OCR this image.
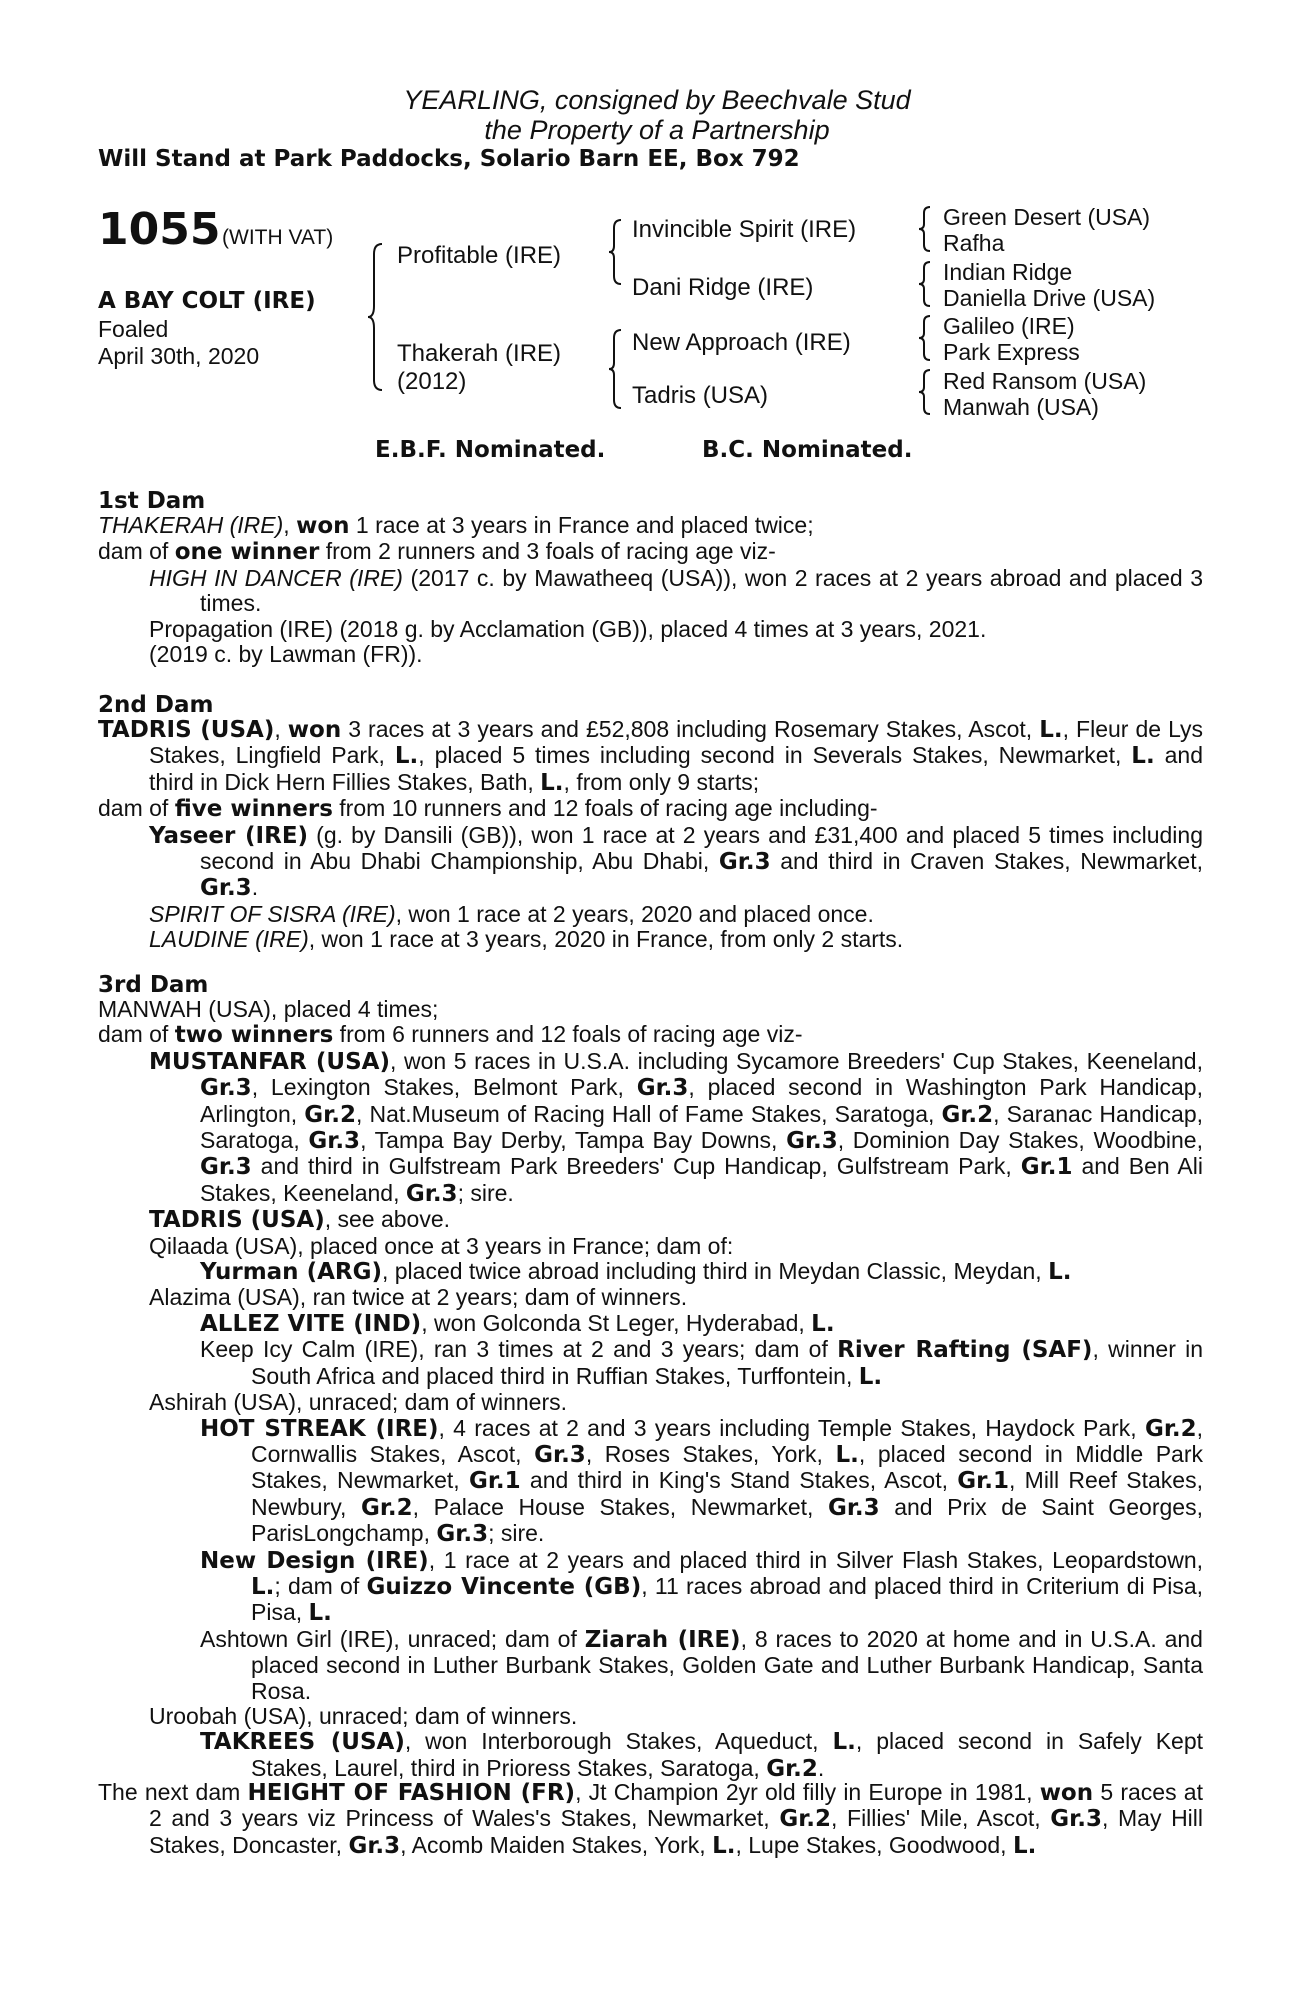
YEARLING, consigned by Beechvale Stud
the Property of a Partnership
Will Stand at Park Paddocks, Solario Barn EE, Box 792
1055 (WITH VAT)
A BAY COLT (IRE)
Foaled
April 30th, 2020
Profitable (IRE)
Thakerah (IRE)
(2012)
Invincible Spirit (IRE)
Dani Ridge (IRE)
New Approach (IRE)
Tadris (USA)
Green Desert (USA)
Rafha
Indian Ridge
Daniella Drive (USA)
Galileo (IRE)
Park Express
Red Ransom (USA)
Manwah (USA)
E.B.F. Nominated.	B.C. Nominated.
1st Dam

THAKERAH (IRE), won 1 race at 3 years in France and placed twice;

dam of one winner from 2 runners and 3 foals of racing age viz-

HIGH IN DANCER (IRE) (2017 c. by Mawatheeq (USA)), won 2 races at 2 years abroad and placed 3 times.

Propagation (IRE) (2018 g. by Acclamation (GB)), placed 4 times at 3 years, 2021.

(2019 c. by Lawman (FR)).

2nd Dam

TADRIS (USA), won 3 races at 3 years and £52,808 including Rosemary Stakes, Ascot, L., Fleur de Lys Stakes, Lingfield Park, L., placed 5 times including second in Severals Stakes, Newmarket, L. and third in Dick Hern Fillies Stakes, Bath, L., from only 9 starts;

dam of five winners from 10 runners and 12 foals of racing age including-

Yaseer (IRE) (g. by Dansili (GB)), won 1 race at 2 years and £31,400 and placed 5 times including second in Abu Dhabi Championship, Abu Dhabi, Gr.3 and third in Craven Stakes, Newmarket, Gr.3.

SPIRIT OF SISRA (IRE), won 1 race at 2 years, 2020 and placed once.

LAUDINE (IRE), won 1 race at 3 years, 2020 in France, from only 2 starts.

3rd Dam

MANWAH (USA), placed 4 times;

dam of two winners from 6 runners and 12 foals of racing age viz-

MUSTANFAR (USA), won 5 races in U.S.A. including Sycamore Breeders' Cup Stakes, Keeneland, Gr.3, Lexington Stakes, Belmont Park, Gr.3, placed second in Washington Park Handicap, Arlington, Gr.2, Nat.Museum of Racing Hall of Fame Stakes, Saratoga, Gr.2, Saranac Handicap, Saratoga, Gr.3, Tampa Bay Derby, Tampa Bay Downs, Gr.3, Dominion Day Stakes, Woodbine, Gr.3 and third in Gulfstream Park Breeders' Cup Handicap, Gulfstream Park, Gr.1 and Ben Ali Stakes, Keeneland, Gr.3; sire.

TADRIS (USA), see above.

Qilaada (USA), placed once at 3 years in France; dam of:

Yurman (ARG), placed twice abroad including third in Meydan Classic, Meydan, L.

Alazima (USA), ran twice at 2 years; dam of winners.

ALLEZ VITE (IND), won Golconda St Leger, Hyderabad, L.

Keep Icy Calm (IRE), ran 3 times at 2 and 3 years; dam of River Rafting (SAF), winner in South Africa and placed third in Ruffian Stakes, Turffontein, L.

Ashirah (USA), unraced; dam of winners.

HOT STREAK (IRE), 4 races at 2 and 3 years including Temple Stakes, Haydock Park, Gr.2, Cornwallis Stakes, Ascot, Gr.3, Roses Stakes, York, L., placed second in Middle Park Stakes, Newmarket, Gr.1 and third in King's Stand Stakes, Ascot, Gr.1, Mill Reef Stakes, Newbury, Gr.2, Palace House Stakes, Newmarket, Gr.3 and Prix de Saint Georges, ParisLongchamp, Gr.3; sire.

New Design (IRE), 1 race at 2 years and placed third in Silver Flash Stakes, Leopardstown, L.; dam of Guizzo Vincente (GB), 11 races abroad and placed third in Criterium di Pisa, Pisa, L.

Ashtown Girl (IRE), unraced; dam of Ziarah (IRE), 8 races to 2020 at home and in U.S.A. and placed second in Luther Burbank Stakes, Golden Gate and Luther Burbank Handicap, Santa Rosa.

Uroobah (USA), unraced; dam of winners.

TAKREES (USA), won Interborough Stakes, Aqueduct, L., placed second in Safely Kept Stakes, Laurel, third in Prioress Stakes, Saratoga, Gr.2.

The next dam HEIGHT OF FASHION (FR), Jt Champion 2yr old filly in Europe in 1981, won 5 races at 2 and 3 years viz Princess of Wales's Stakes, Newmarket, Gr.2, Fillies' Mile, Ascot, Gr.3, May Hill Stakes, Doncaster, Gr.3, Acomb Maiden Stakes, York, L., Lupe Stakes, Goodwood, L.
